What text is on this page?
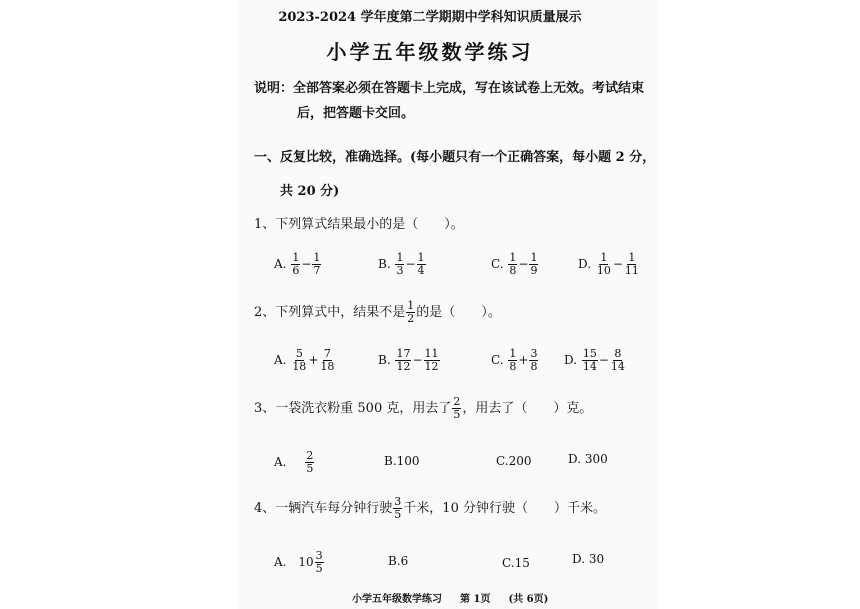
2023-2024 学年度第二学期期中学科知识质量展示
小学五年级数学练习
说明：全部答案必须在答题卡上完成，写在该试卷上无效。考试结束
后，把答题卡交回。
一、反复比较，准确选择。(每小题只有一个正确答案，每小题 2 分，
共 20 分)
1、下列算式结果最小的是（　　）。
A. $\frac{1}{6} - \frac{1}{7}$	B. $\frac{1}{3} - \frac{1}{4}$	C. $\frac{1}{8} - \frac{1}{9}$	D. $\frac{1}{10} - \frac{1}{11}$
2、下列算式中，结果不是 $\frac{1}{2}$ 的是（　　）。
A. $\frac{5}{18} + \frac{7}{18}$	B. $\frac{17}{12} - \frac{11}{12}$	C. $\frac{1}{8} + \frac{3}{8} D$. $\frac{15}{14} - \frac{8}{14}$
3、一袋洗衣粉重 500 克，用去了 $\frac{2}{5}$ ，用去了（　　）克。
A. $\frac{2}{5}$	B.100	C.200	D. 300
4、一辆汽车每分钟行驶 $\frac{3}{5}$ 千米，10 分钟行驶（　　）千米。
A. $10 \frac{3}{5}$	B.6	C.15	D. 30
小学五年级数学练习 第 1页 (共 6页)
